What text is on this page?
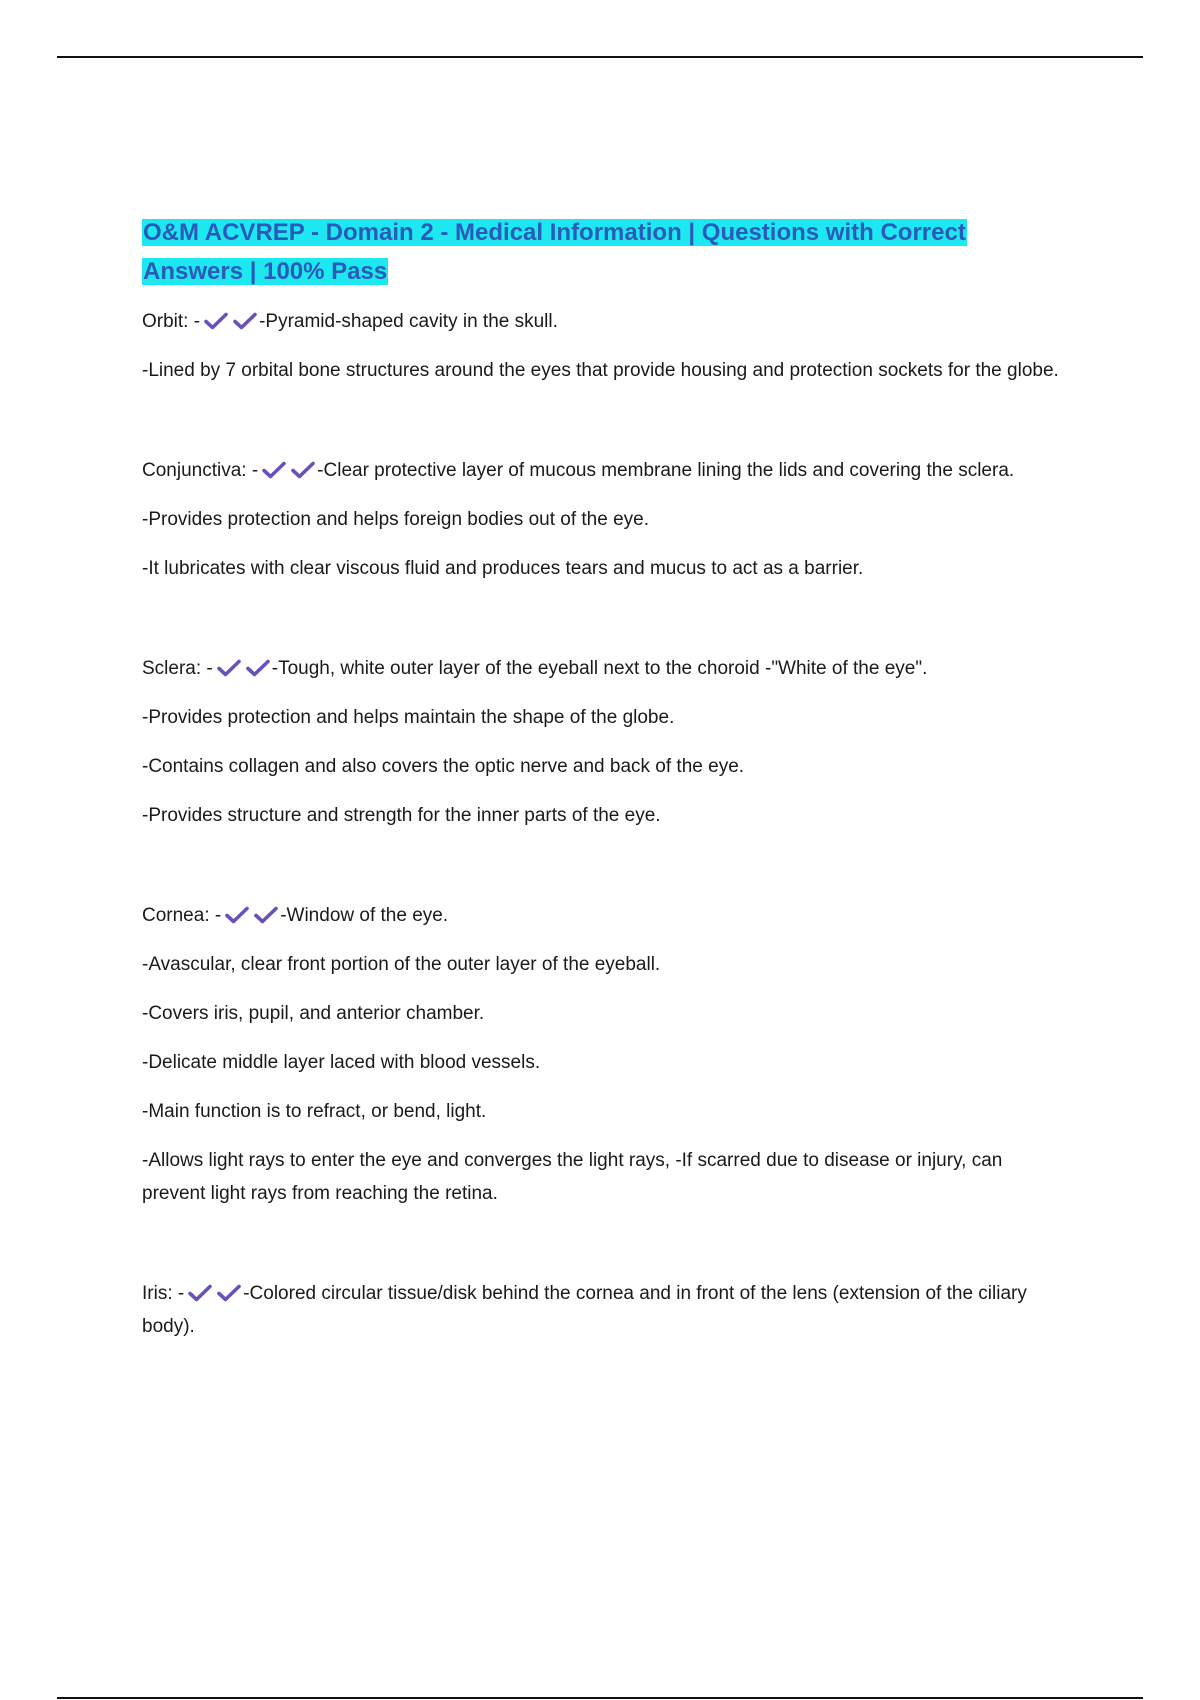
O&M ACVREP - Domain 2 - Medical Information | Questions with Correct Answers | 100% Pass

Orbit: -	-Pyramid-shaped cavity in the skull.

-Lined by 7 orbital bone structures around the eyes that provide housing and protection sockets for the globe.

Conjunctiva: -	-Clear protective layer of mucous membrane lining the lids and covering the sclera.

-Provides protection and helps foreign bodies out of the eye.

-It lubricates with clear viscous fluid and produces tears and mucus to act as a barrier.

Sclera: -	-Tough, white outer layer of the eyeball next to the choroid -"White of the eye".

-Provides protection and helps maintain the shape of the globe.

-Contains collagen and also covers the optic nerve and back of the eye.

-Provides structure and strength for the inner parts of the eye.

Cornea: -	-Window of the eye.

-Avascular, clear front portion of the outer layer of the eyeball.

-Covers iris, pupil, and anterior chamber.

-Delicate middle layer laced with blood vessels.

-Main function is to refract, or bend, light.

-Allows light rays to enter the eye and converges the light rays, -If scarred due to disease or injury, can prevent light rays from reaching the retina.

Iris: -	-Colored circular tissue/disk behind the cornea and in front of the lens (extension of the ciliary body).
